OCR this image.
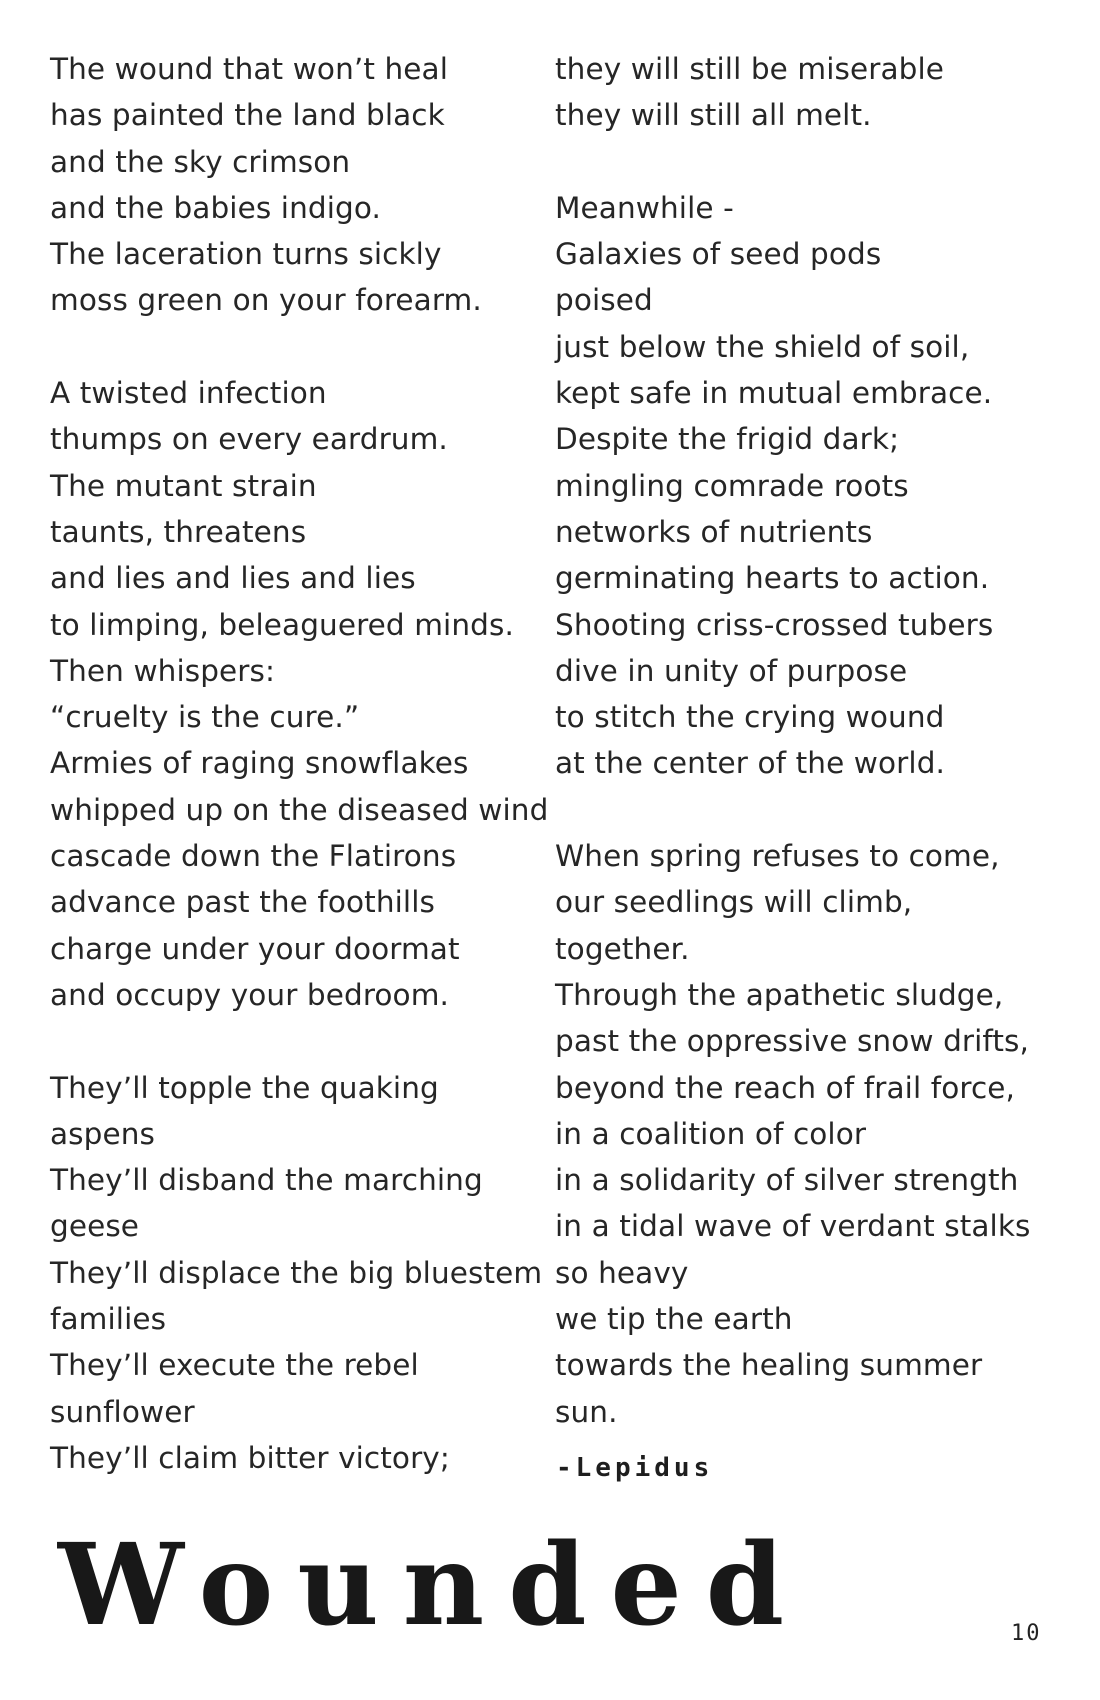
The wound that won’t heal
has painted the land black
and the sky crimson
and the babies indigo.
The laceration turns sickly
moss green on your forearm.
A twisted infection
thumps on every eardrum.
The mutant strain
taunts, threatens
and lies and lies and lies
to limping, beleaguered minds.
Then whispers:
“cruelty is the cure.”
Armies of raging snowflakes
whipped up on the diseased wind
cascade down the Flatirons
advance past the foothills
charge under your doormat
and occupy your bedroom.
They’ll topple the quaking
aspens
They’ll disband the marching
geese
They’ll displace the big bluestem
families
They’ll execute the rebel
sunflower
They’ll claim bitter victory;
they will still be miserable
they will still all melt.
Meanwhile -
Galaxies of seed pods
poised
just below the shield of soil,
kept safe in mutual embrace.
Despite the frigid dark;
mingling comrade roots
networks of nutrients
germinating hearts to action.
Shooting criss-crossed tubers
dive in unity of purpose
to stitch the crying wound
at the center of the world.
When spring refuses to come,
our seedlings will climb,
together.
Through the apathetic sludge,
past the oppressive snow drifts,
beyond the reach of frail force,
in a coalition of color
in a solidarity of silver strength
in a tidal wave of verdant stalks
so heavy
we tip the earth
towards the healing summer
sun.
-Lepidus
Wounded	10
